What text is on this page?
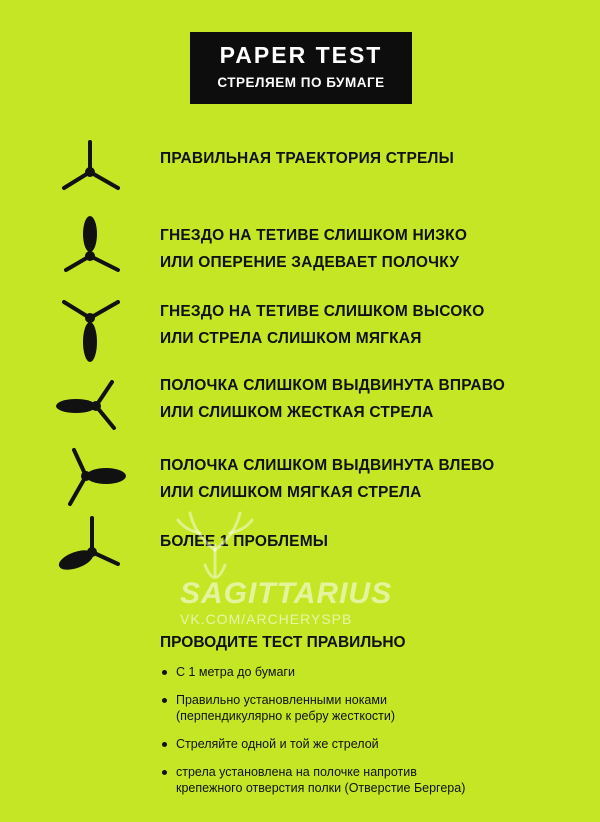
PAPER TEST
СТРЕЛЯЕМ ПО БУМАГЕ
ПРАВИЛЬНАЯ ТРАЕКТОРИЯ СТРЕЛЫ
ГНЕЗДО НА ТЕТИВЕ СЛИШКОМ НИЗКО
ИЛИ ОПЕРЕНИЕ ЗАДЕВАЕТ ПОЛОЧКУ
ГНЕЗДО НА ТЕТИВЕ СЛИШКОМ ВЫСОКО
ИЛИ СТРЕЛА СЛИШКОМ МЯГКАЯ
ПОЛОЧКА СЛИШКОМ ВЫДВИНУТА ВПРАВО
ИЛИ СЛИШКОМ ЖЕСТКАЯ СТРЕЛА
ПОЛОЧКА СЛИШКОМ ВЫДВИНУТА ВЛЕВО
ИЛИ СЛИШКОМ МЯГКАЯ СТРЕЛА
БОЛЕЕ 1 ПРОБЛЕМЫ
SAGITTARIUS
VK.COM/ARCHERYSPB
ПРОВОДИТЕ ТЕСТ ПРАВИЛЬНО
С 1 метра до бумаги
Правильно установленными ноками
(перпендикулярно к ребру жесткости)
Стреляйте одной и той же стрелой
стрела установлена на полочке напротив
крепежного отверстия полки (Отверстие Бергера)
